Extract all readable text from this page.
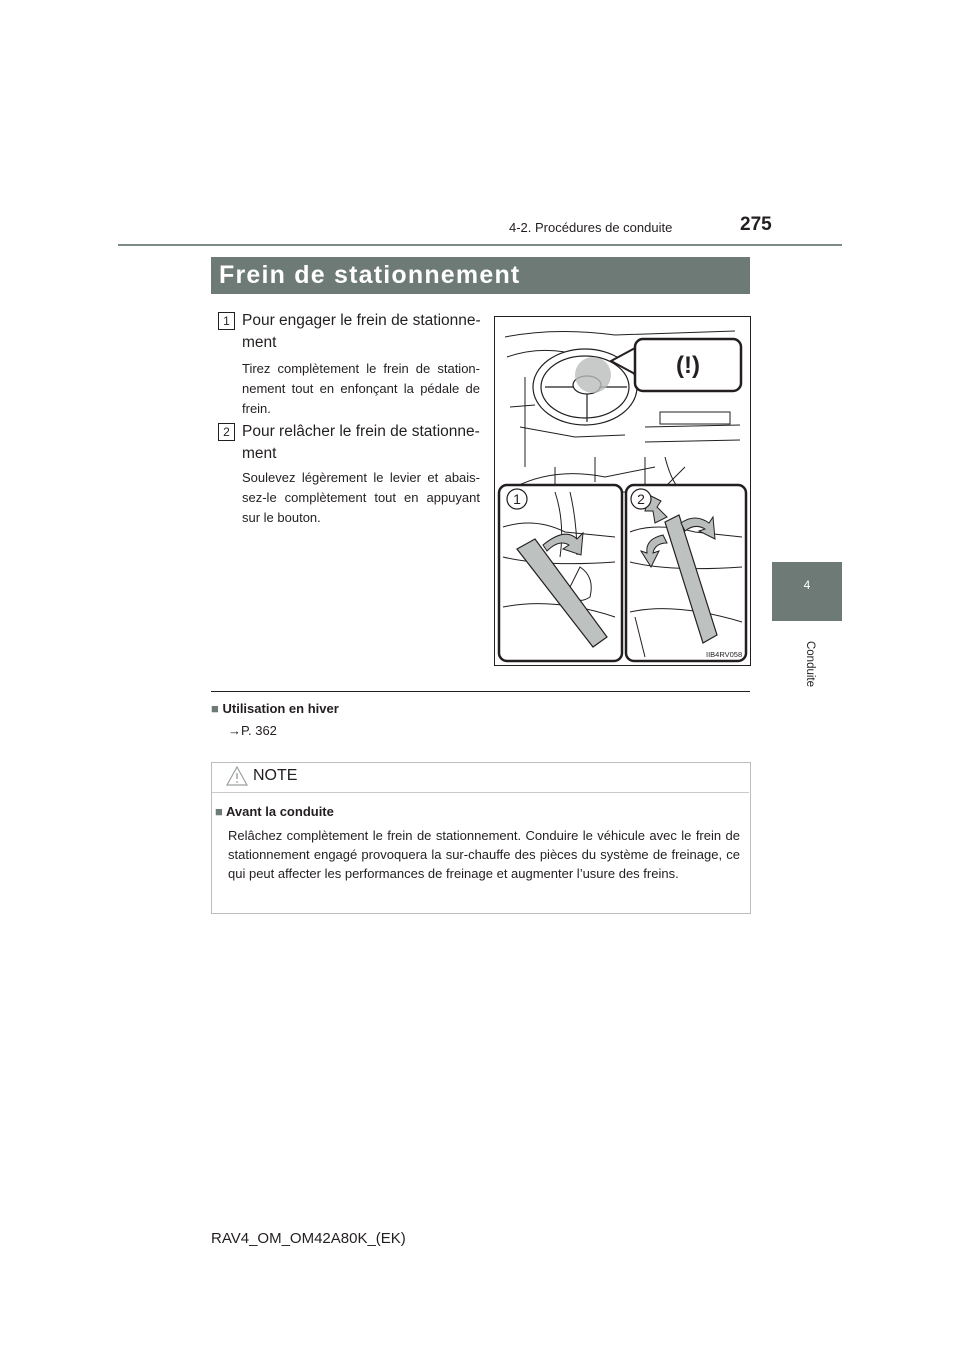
4-2. Procédures de conduite	275
4
Conduite
Frein de stationnement
1 Pour engager le frein de stationne-ment
Tirez complètement le frein de station-nement tout en enfonçant la pédale de frein.
2 Pour relâcher le frein de stationne-ment
Soulevez légèrement le levier et abais-sez-le complètement tout en appuyant sur le bouton.
(!)
1	2
IIB4RV058
■ Utilisation en hiver
→P. 362
NOTE
■ Avant la conduite
Relâchez complètement le frein de stationnement. Conduire le véhicule avec le frein de stationnement engagé provoquera la sur-chauffe des pièces du système de freinage, ce qui peut affecter les performances de freinage et augmenter l’usure des freins.
RAV4_OM_OM42A80K_(EK)
